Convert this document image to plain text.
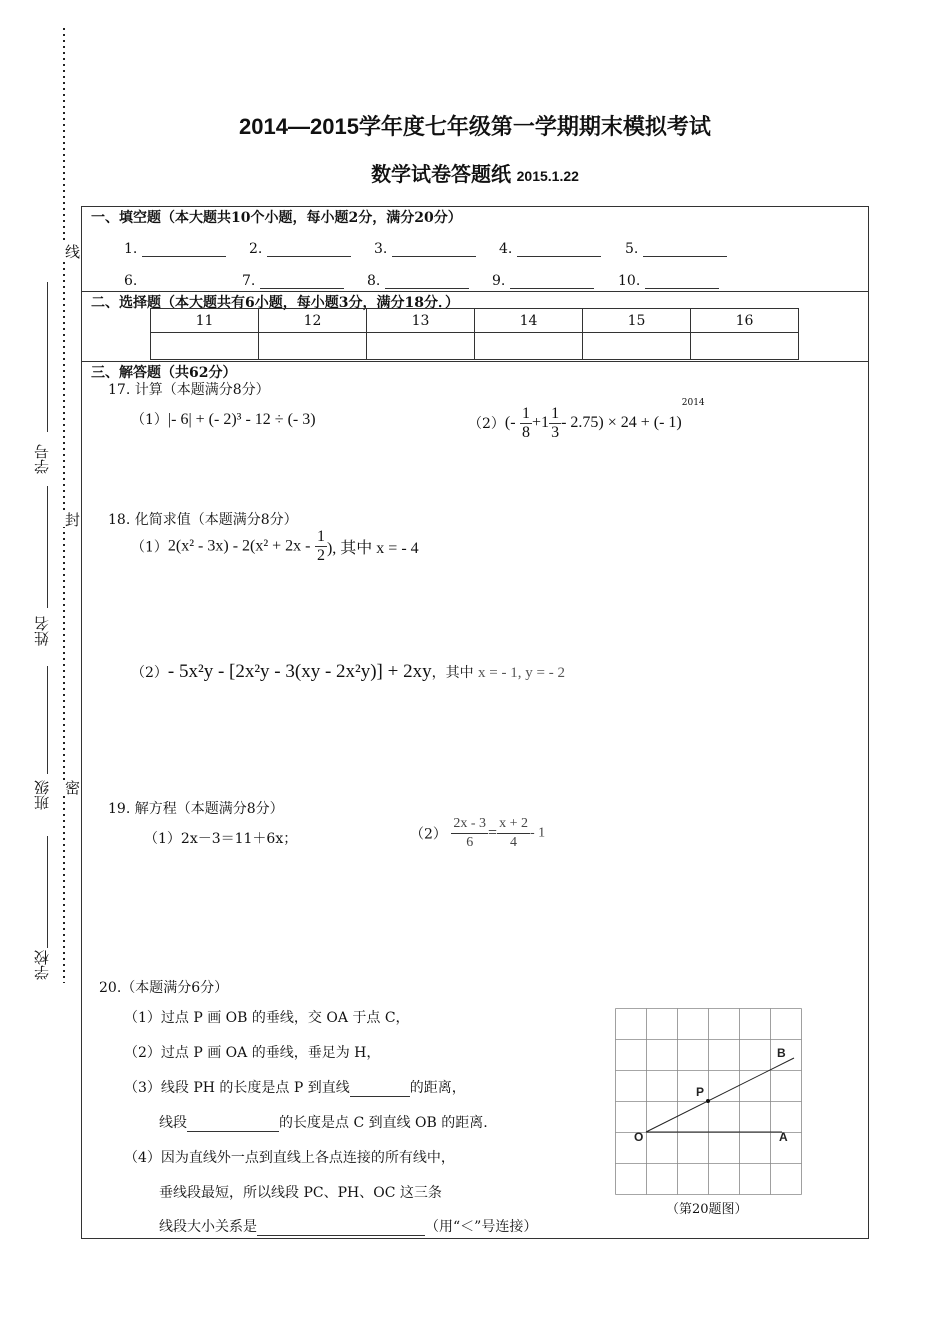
线
封
密
学号
姓名
班级
学校
2014—2015学年度七年级第一学期期末模拟考试
数学试卷答题纸 2015.1.22
一、填空题（本大题共10个小题，每小题2分，满分20分）
1.	2.	3.	4.	5.
6.	7.	8.	9.	10.
二、选择题（本大题共有6小题，每小题3分，满分18分．）
11	12	13	14	15	16

三、解答题（共62分）
17. 计算（本题满分8分）
（1）|- 6| + (- 2)³ - 12 ÷ (- 3)	$(2)(- \frac{1}{8} +1 \frac{1}{3} - 2.75) \times 24$ + (- 1)$^{2014}$
18. 化简求值（本题满分8分）
$(1)2(x^2 - 3x) - 2(x^2 + 2x - \frac{1}{2}$ ), 其中 x = - 4
（2）- 5x²y - [2x²y - 3(xy - 2x²y)] + 2xy，其中 x = - 1, y = - 2
19. 解方程（本题满分8分）
（1）2x－3＝11＋6x；	$(2) \frac{2x - 3}{6} = \frac{x + 2}{4} - 1$
20.（本题满分6分）
（1）过点 P 画 OB 的垂线，交 OA 于点 C，
（2）过点 P 画 OA 的垂线，垂足为 H，
（3）线段 PH 的长度是点 P 到直线	的距离，
线段	的长度是点 C 到直线 OB 的距离.
（4）因为直线外一点到直线上各点连接的所有线中，
垂线段最短，所以线段 PC、PH、OC 这三条
线段大小关系是	（用“＜”号连接）
B
P
O	A
（第20题图）
